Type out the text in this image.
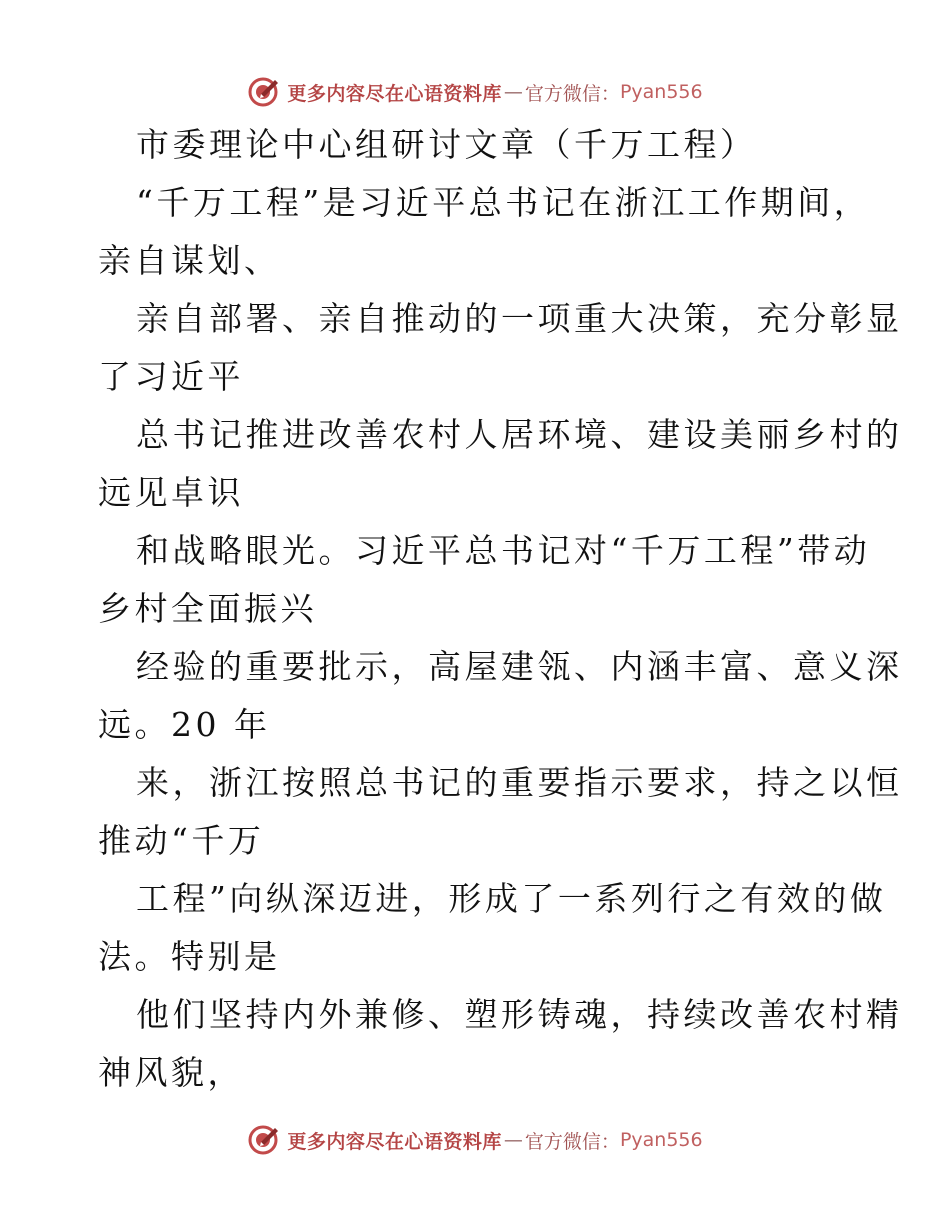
更多内容尽在心语资料库 — 官方微信： Pyan556
市委理论中心组研讨文章（千万工程）
“千万工程”是习近平总书记在浙江工作期间，
亲自谋划、
亲自部署、亲自推动的一项重大决策，充分彰显
了习近平
总书记推进改善农村人居环境、建设美丽乡村的
远见卓识
和战略眼光。习近平总书记对“千万工程”带动
乡村全面振兴
经验的重要批示，高屋建瓴、内涵丰富、意义深
远。20 年
来，浙江按照总书记的重要指示要求，持之以恒
推动“千万
工程”向纵深迈进，形成了一系列行之有效的做
法。特别是
他们坚持内外兼修、塑形铸魂，持续改善农村精
神风貌，
更多内容尽在心语资料库 — 官方微信： Pyan556
